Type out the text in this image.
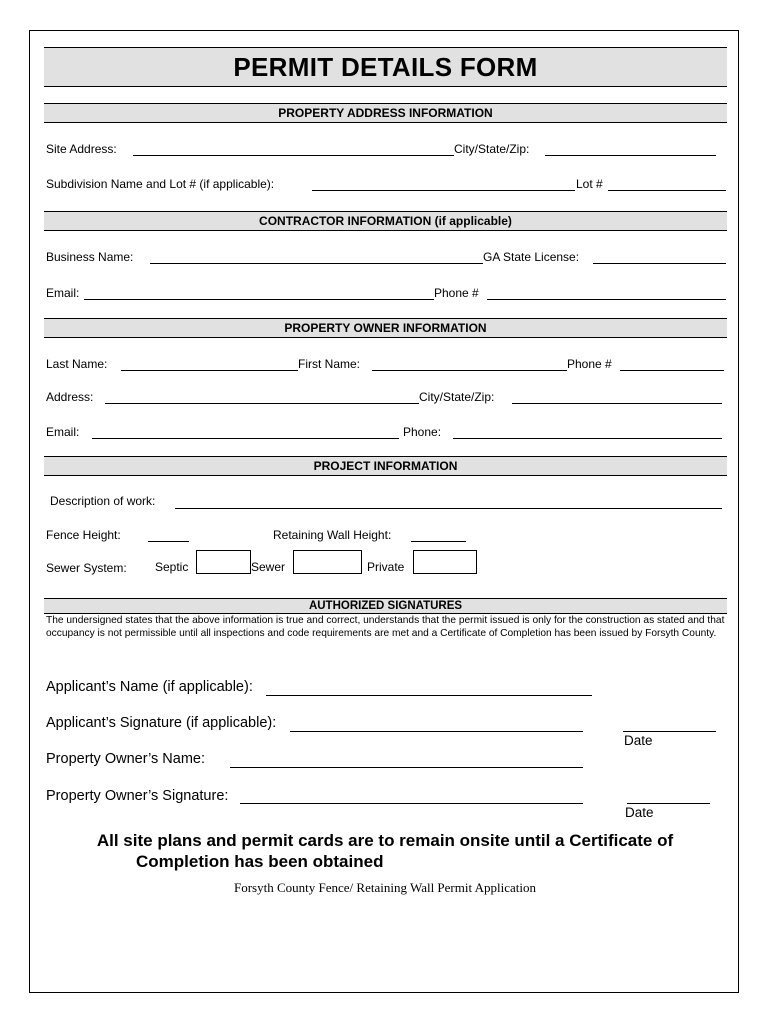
PERMIT DETAILS FORM
PROPERTY ADDRESS INFORMATION
Site Address:	City/State/Zip:
Subdivision Name and Lot # (if applicable):	Lot #
CONTRACTOR INFORMATION (if applicable)
Business Name:	GA State License:
Email:	Phone #
PROPERTY OWNER INFORMATION
Last Name:	First Name:	Phone #
Address:	City/State/Zip:
Email:	Phone:
PROJECT INFORMATION
Description of work:
Fence Height:	Retaining Wall Height:
Sewer System: Septic	Sewer	Private
AUTHORIZED SIGNATURES
The undersigned states that the above information is true and correct, understands that the permit issued is only for the construction as stated and that occupancy is not permissible until all inspections and code requirements are met and a Certificate of Completion has been issued by Forsyth County.
Applicant’s Name (if applicable):
Applicant’s Signature (if applicable):
Date
Property Owner’s Name:
Property Owner’s Signature:
Date
All site plans and permit cards are to remain onsite until a Certificate of
Completion has been obtained
Forsyth County Fence/ Retaining Wall Permit Application
